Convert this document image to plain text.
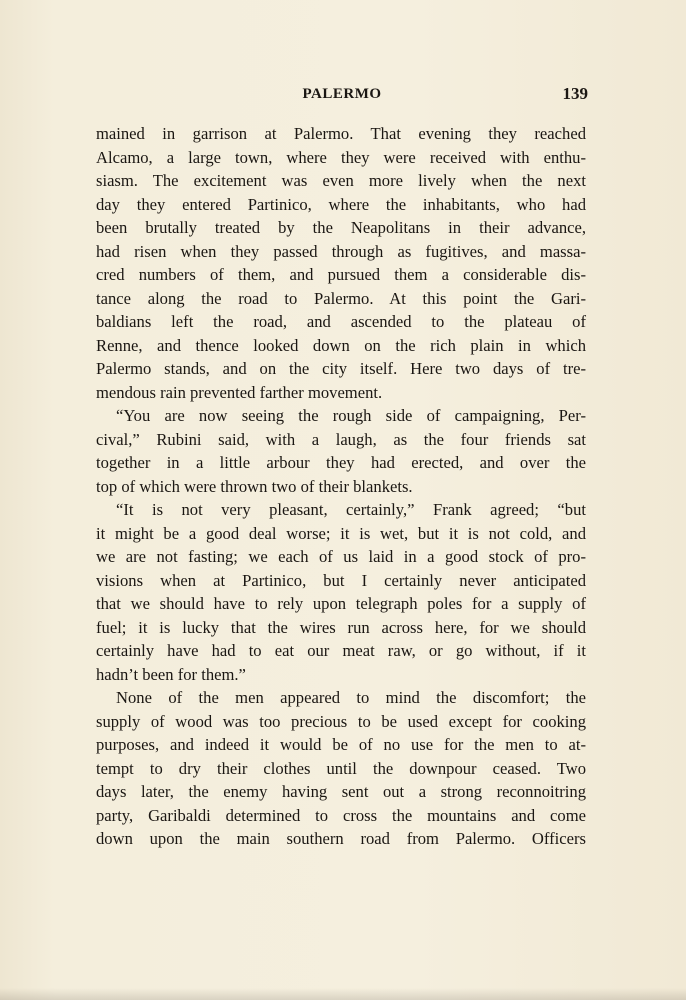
PALERMO	139
mained in garrison at Palermo. That evening they reached
Alcamo, a large town, where they were received with enthu-
siasm. The excitement was even more lively when the next
day they entered Partinico, where the inhabitants, who had
been brutally treated by the Neapolitans in their advance,
had risen when they passed through as fugitives, and massa-
cred numbers of them, and pursued them a considerable dis-
tance along the road to Palermo. At this point the Gari-
baldians left the road, and ascended to the plateau of
Renne, and thence looked down on the rich plain in which
Palermo stands, and on the city itself. Here two days of tre-
mendous rain prevented farther movement.
“You are now seeing the rough side of campaigning, Per-
cival,” Rubini said, with a laugh, as the four friends sat
together in a little arbour they had erected, and over the
top of which were thrown two of their blankets.
“It is not very pleasant, certainly,” Frank agreed; “but
it might be a good deal worse; it is wet, but it is not cold, and
we are not fasting; we each of us laid in a good stock of pro-
visions when at Partinico, but I certainly never anticipated
that we should have to rely upon telegraph poles for a supply of
fuel; it is lucky that the wires run across here, for we should
certainly have had to eat our meat raw, or go without, if it
hadn’t been for them.”
None of the men appeared to mind the discomfort; the
supply of wood was too precious to be used except for cooking
purposes, and indeed it would be of no use for the men to at-
tempt to dry their clothes until the downpour ceased. Two
days later, the enemy having sent out a strong reconnoitring
party, Garibaldi determined to cross the mountains and come
down upon the main southern road from Palermo. Officers
